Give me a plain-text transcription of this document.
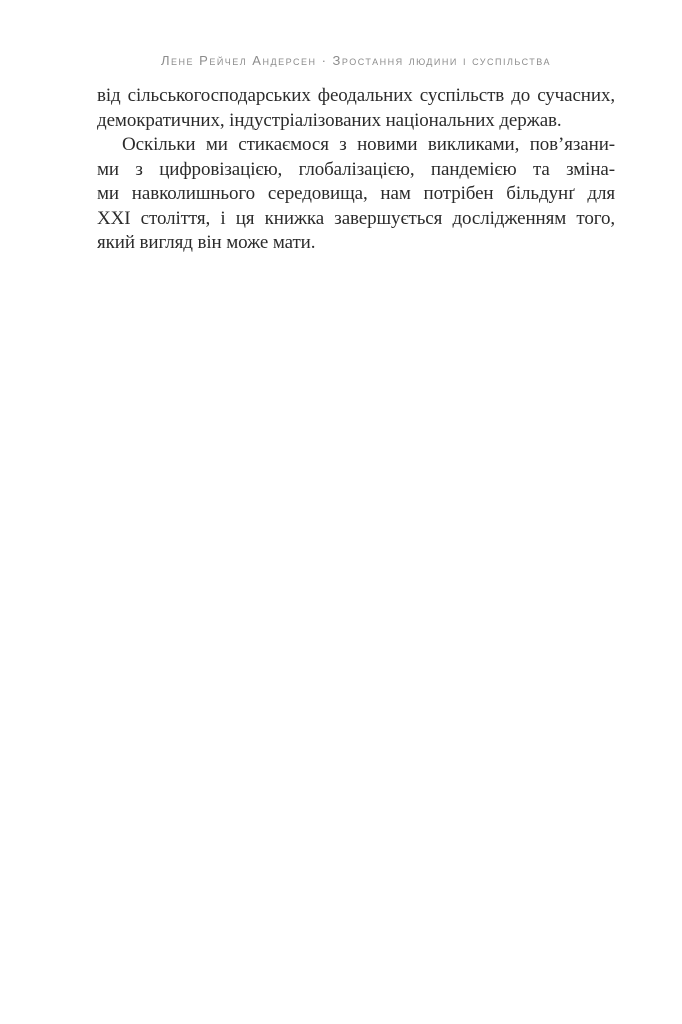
Лене Рейчел Андерсен · Зростання людини і суспільства
від сільськогосподарських феодальних суспільств до сучасних,
демократичних, індустріалізованих національних держав.
Оскільки ми стикаємося з новими викликами, пов’язани-
ми з цифровізацією, глобалізацією, пандемією та зміна-
ми навколишнього середовища, нам потрібен більдунґ для
XXI століття, і ця книжка завершується дослідженням того,
який вигляд він може мати.
